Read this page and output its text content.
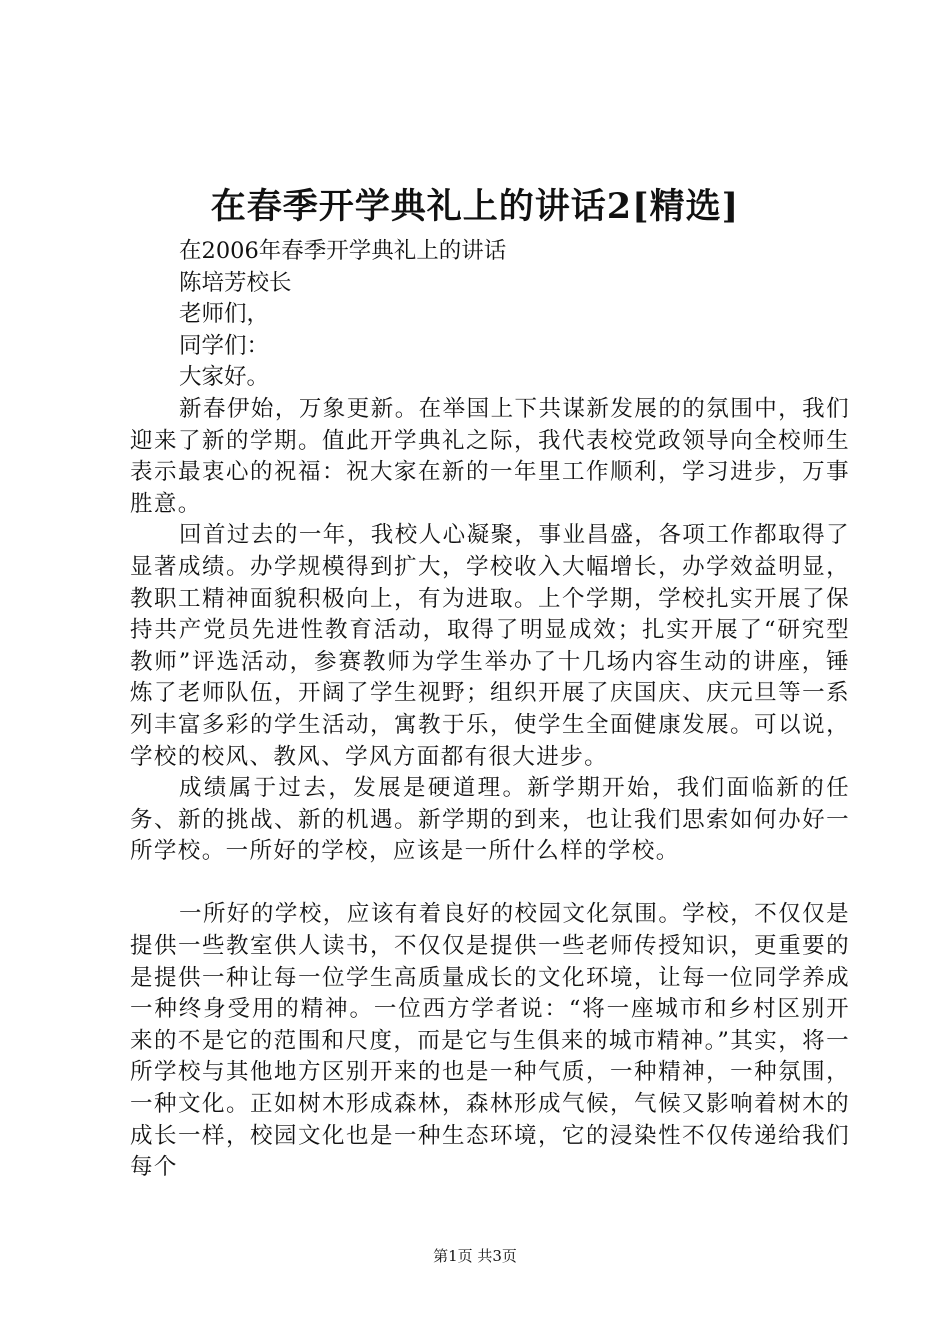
在春季开学典礼上的讲话2[精选]
在2006年春季开学典礼上的讲话
陈培芳校长
老师们，
同学们：
大家好。

新春伊始，万象更新。在举国上下共谋新发展的的氛围中，我们迎来了新的学期。值此开学典礼之际，我代表校党政领导向全校师生表示最衷心的祝福：祝大家在新的一年里工作顺利，学习进步，万事胜意。

回首过去的一年，我校人心凝聚，事业昌盛，各项工作都取得了显著成绩。办学规模得到扩大，学校收入大幅增长，办学效益明显，教职工精神面貌积极向上，有为进取。上个学期，学校扎实开展了保持共产党员先进性教育活动，取得了明显成效；扎实开展了“研究型教师”评选活动，参赛教师为学生举办了十几场内容生动的讲座，锤炼了老师队伍，开阔了学生视野；组织开展了庆国庆、庆元旦等一系列丰富多彩的学生活动，寓教于乐，使学生全面健康发展。可以说，学校的校风、教风、学风方面都有很大进步。

成绩属于过去，发展是硬道理。新学期开始，我们面临新的任务、新的挑战、新的机遇。新学期的到来，也让我们思索如何办好一所学校。一所好的学校，应该是一所什么样的学校。

一所好的学校，应该有着良好的校园文化氛围。学校，不仅仅是提供一些教室供人读书，不仅仅是提供一些老师传授知识，更重要的是提供一种让每一位学生高质量成长的文化环境，让每一位同学养成一种终身受用的精神。一位西方学者说：“将一座城市和乡村区别开来的不是它的范围和尺度，而是它与生俱来的城市精神。”其实，将一所学校与其他地方区别开来的也是一种气质，一种精神，一种氛围，一种文化。正如树木形成森林，森林形成气候，气候又影响着树木的成长一样，校园文化也是一种生态环境，它的浸染性不仅传递给我们每个

第1页 共3页
